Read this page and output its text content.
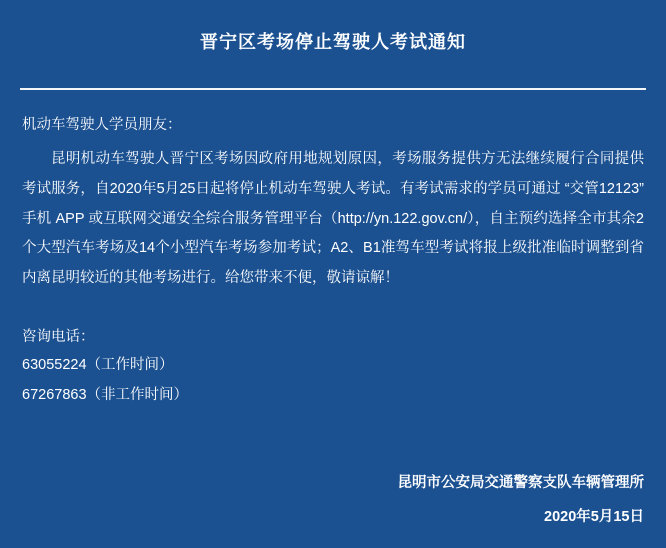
晋宁区考场停止驾驶人考试通知
机动车驾驶人学员朋友：
昆明机动车驾驶人晋宁区考场因政府用地规划原因，考场服务提供方无法继续履行合同提供考试服务，自2020年5月25日起将停止机动车驾驶人考试。有考试需求的学员可通过 “交管12123” 手机 APP 或互联网交通安全综合服务管理平台（http://yn.122.gov.cn/），自主预约选择全市其余2个大型汽车考场及14个小型汽车考场参加考试；A2、B1准驾车型考试将报上级批准临时调整到省内离昆明较近的其他考场进行。给您带来不便，敬请谅解！
咨询电话：
63055224（工作时间）
67267863（非工作时间）
昆明市公安局交通警察支队车辆管理所
2020年5月15日
